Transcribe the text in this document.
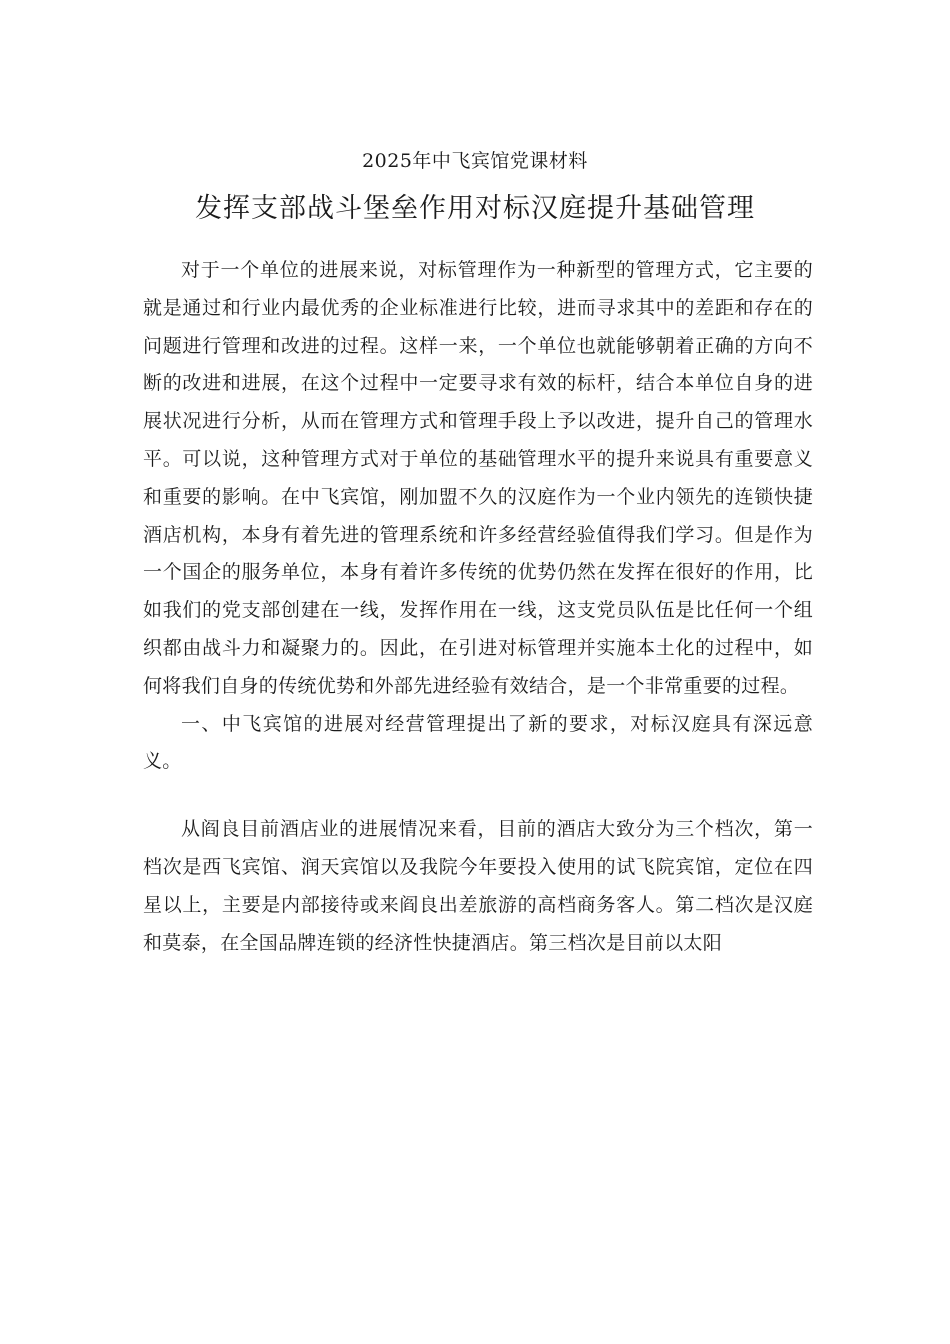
2025年中飞宾馆党课材料
发挥支部战斗堡垒作用对标汉庭提升基础管理

对于一个单位的进展来说，对标管理作为一种新型的管理方式，它主要的就是通过和行业内最优秀的企业标准进行比较，进而寻求其中的差距和存在的问题进行管理和改进的过程。这样一来，一个单位也就能够朝着正确的方向不断的改进和进展，在这个过程中一定要寻求有效的标杆，结合本单位自身的进展状况进行分析，从而在管理方式和管理手段上予以改进，提升自己的管理水平。可以说，这种管理方式对于单位的基础管理水平的提升来说具有重要意义和重要的影响。在中飞宾馆，刚加盟不久的汉庭作为一个业内领先的连锁快捷酒店机构，本身有着先进的管理系统和许多经营经验值得我们学习。但是作为一个国企的服务单位，本身有着许多传统的优势仍然在发挥在很好的作用，比如我们的党支部创建在一线，发挥作用在一线，这支党员队伍是比任何一个组织都由战斗力和凝聚力的。因此，在引进对标管理并实施本土化的过程中，如何将我们自身的传统优势和外部先进经验有效结合，是一个非常重要的过程。

一、中飞宾馆的进展对经营管理提出了新的要求，对标汉庭具有深远意义。

从阎良目前酒店业的进展情况来看，目前的酒店大致分为三个档次，第一档次是西飞宾馆、润天宾馆以及我院今年要投入使用的试飞院宾馆，定位在四星以上，主要是内部接待或来阎良出差旅游的高档商务客人。第二档次是汉庭和莫泰，在全国品牌连锁的经济性快捷酒店。第三档次是目前以太阳
